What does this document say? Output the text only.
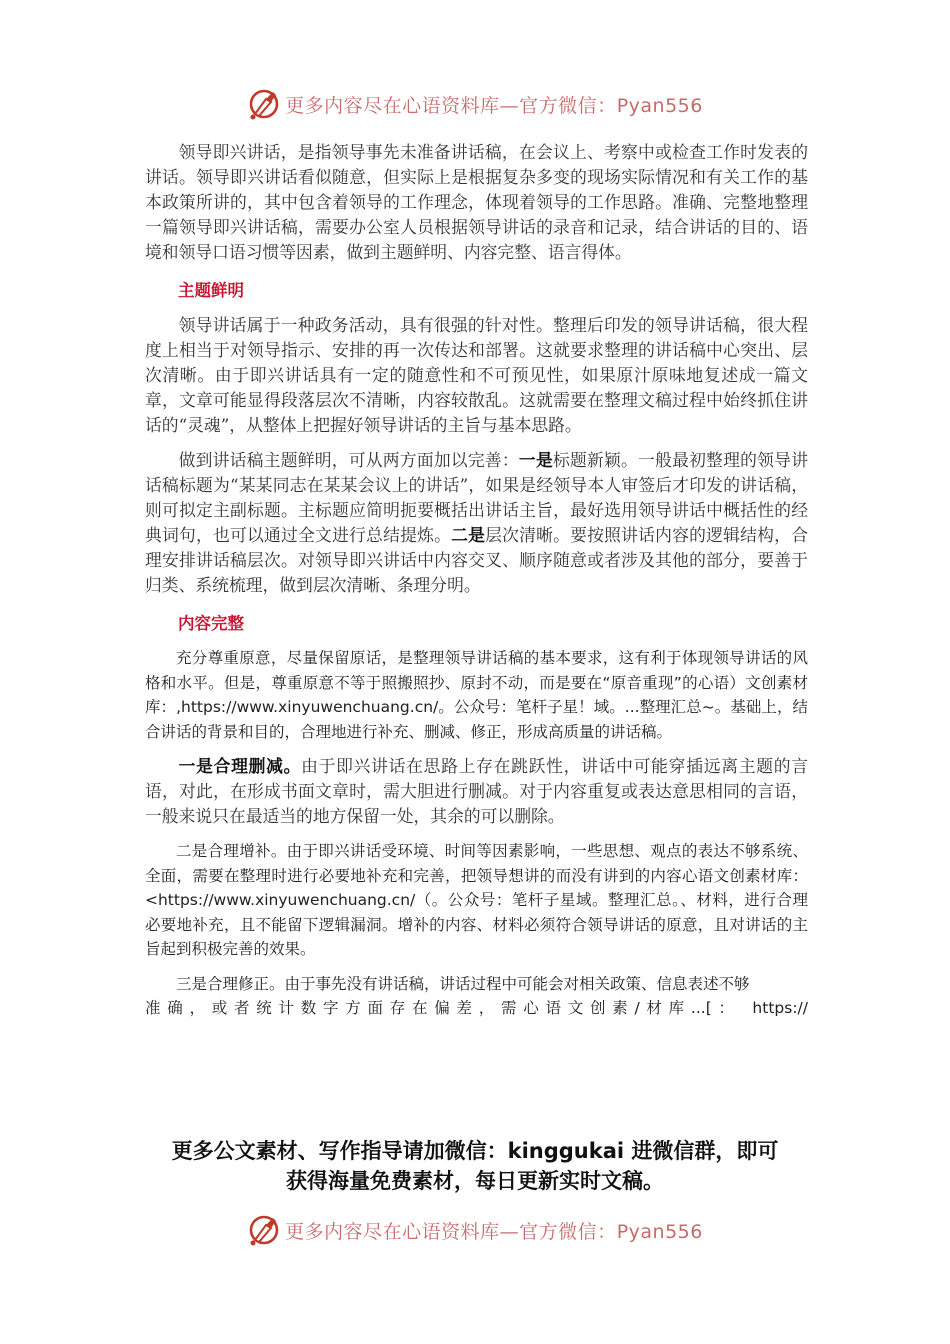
更多内容尽在心语资料库—官方微信：Pyan556

领导即兴讲话，是指领导事先未准备讲话稿，在会议上、考察中或检查工作时发表的讲话。领导即兴讲话看似随意，但实际上是根据复杂多变的现场实际情况和有关工作的基本政策所讲的，其中包含着领导的工作理念，体现着领导的工作思路。准确、完整地整理一篇领导即兴讲话稿，需要办公室人员根据领导讲话的录音和记录，结合讲话的目的、语境和领导口语习惯等因素，做到主题鲜明、内容完整、语言得体。

主题鲜明

领导讲话属于一种政务活动，具有很强的针对性。整理后印发的领导讲话稿，很大程度上相当于对领导指示、安排的再一次传达和部署。这就要求整理的讲话稿中心突出、层次清晰。由于即兴讲话具有一定的随意性和不可预见性，如果原汁原味地复述成一篇文章，文章可能显得段落层次不清晰，内容较散乱。这就需要在整理文稿过程中始终抓住讲话的“灵魂”，从整体上把握好领导讲话的主旨与基本思路。

做到讲话稿主题鲜明，可从两方面加以完善：一是标题新颖。一般最初整理的领导讲话稿标题为“某某同志在某某会议上的讲话”，如果是经领导本人审签后才印发的讲话稿，则可拟定主副标题。主标题应简明扼要概括出讲话主旨，最好选用领导讲话中概括性的经典词句，也可以通过全文进行总结提炼。二是层次清晰。要按照讲话内容的逻辑结构，合理安排讲话稿层次。对领导即兴讲话中内容交叉、顺序随意或者涉及其他的部分，要善于归类、系统梳理，做到层次清晰、条理分明。

内容完整

充分尊重原意，尽量保留原话，是整理领导讲话稿的基本要求，这有利于体现领导讲话的风格和水平。但是，尊重原意不等于照搬照抄、原封不动，而是要在“原音重现”的心语）文创素材库：,https://www.xinyuwenchuang.cn/。公众号：笔杆子星！域。...整理汇总~。基础上，结合讲话的背景和目的，合理地进行补充、删减、修正，形成高质量的讲话稿。

一是合理删减。由于即兴讲话在思路上存在跳跃性，讲话中可能穿插远离主题的言语，对此，在形成书面文章时，需大胆进行删减。对于内容重复或表达意思相同的言语，一般来说只在最适当的地方保留一处，其余的可以删除。

二是合理增补。由于即兴讲话受环境、时间等因素影响，一些思想、观点的表达不够系统、全面，需要在整理时进行必要地补充和完善，把领导想讲的而没有讲到的内容心语文创素材库：<https://www.xinyuwenchuang.cn/（。公众号：笔杆子星域。整理汇总。、材料，进行合理必要地补充，且不能留下逻辑漏洞。增补的内容、材料必须符合领导讲话的原意，且对讲话的主旨起到积极完善的效果。

三是合理修正。由于事先没有讲话稿，讲话过程中可能会对相关政策、信息表述不够

准确，或者统计数字方面存在偏差，需心语文创素/材库...[： https://

更多公文素材、写作指导请加微信：kinggukai 进微信群，即可
获得海量免费素材，每日更新实时文稿。
更多内容尽在心语资料库—官方微信：Pyan556
